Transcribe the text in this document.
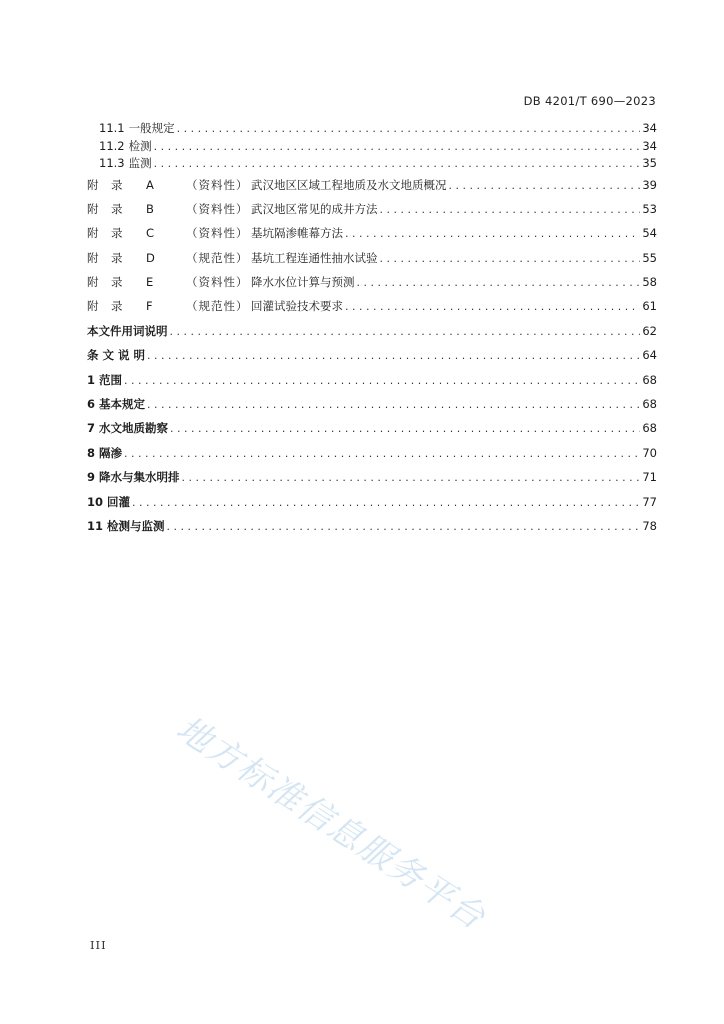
DB 4201/T 690—2023
11.1 一般规定 . . .	34
11.2 检测 . . .	34
11.3 监测 . . .	35
附	录	A	（资料性） 武汉地区区域工程地质及水文地质概况 . . .	39
附	录	B	（资料性） 武汉地区常见的成井方法 . . .	53
附	录	C	（资料性） 基坑隔渗帷幕方法 . . .	54
附	录	D	（规范性） 基坑工程连通性抽水试验 . . .	55
附	录	E	（资料性） 降水水位计算与预测 . . .	58
附	录	F	（规范性） 回灌试验技术要求 . . .	61
本文件用词说明 . . .	62
条 文 说 明 . . .	64
1 范围 . . .	68
6 基本规定 . . .	68
7 水文地质勘察 . . .	68
8 隔渗 . . .	70
9 降水与集水明排 . . .	71
10 回灌 . . .	77
11 检测与监测 . . .	78
地方标准信息服务平台
III
